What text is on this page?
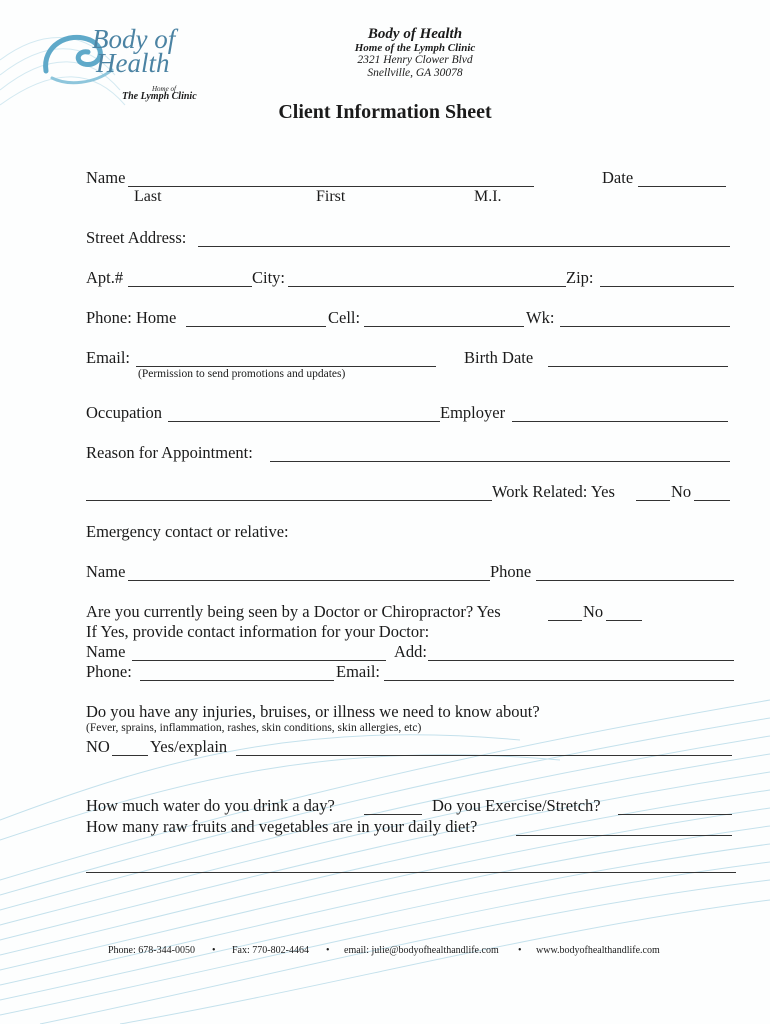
Body of
Health
Home of
The Lymph Clinic
Body of Health
Home of the Lymph Clinic
2321 Henry Clower Blvd
Snellville, GA 30078
Client Information Sheet
Name	Date
Last	First	M.I.
Street Address:
Apt.#	City:	Zip:
Phone: Home	Cell:	Wk:
Email:	Birth Date
(Permission to send promotions and updates)
Occupation	Employer
Reason for Appointment:
Work Related: Yes	No
Emergency contact or relative:
Name	Phone
Are you currently being seen by a Doctor or Chiropractor? Yes	No
If Yes, provide contact information for your Doctor:
Name	Add:
Phone:	Email:
Do you have any injuries, bruises, or illness we need to know about?
(Fever, sprains, inflammation, rashes, skin conditions, skin allergies, etc)
NO Yes/explain
How much water do you drink a day?	Do you Exercise/Stretch?
How many raw fruits and vegetables are in your daily diet?
Phone: 678-344-0050 • Fax: 770-802-4464 • email: julie@bodyofhealthandlife.com • www.bodyofhealthandlife.com
